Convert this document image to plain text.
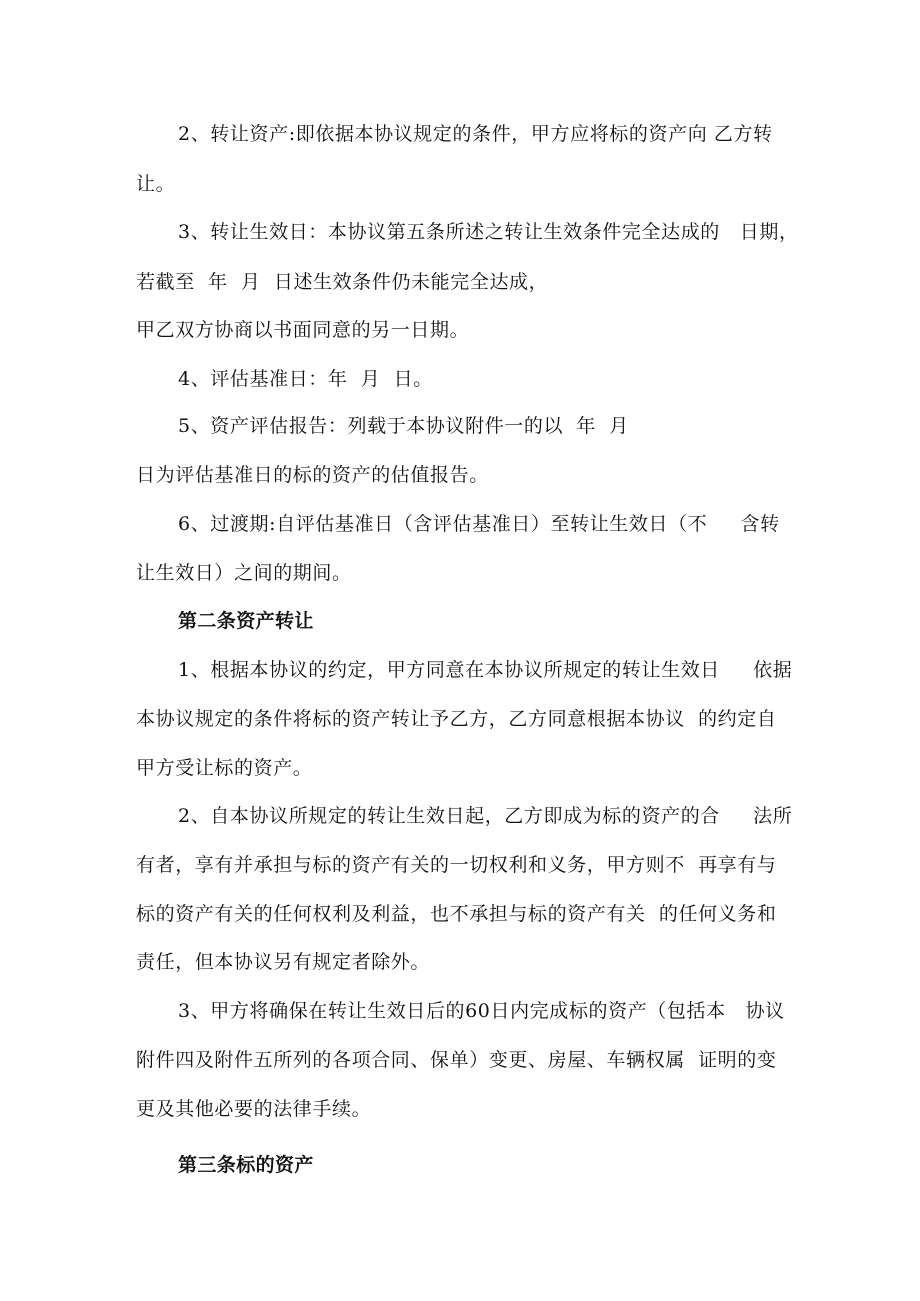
2、转让资产:即依据本协议规定的条件，甲方应将标的资产向 乙方转
让。
3、转让生效日：本协议第五条所述之转让生效条件完全达成的   日期，
若截至  年  月  日述生效条件仍未能完全达成，
甲乙双方协商以书面同意的另一日期。
4、评估基准日：年  月  日。
5、资产评估报告：列载于本协议附件一的以  年  月
日为评估基准日的标的资产的估值报告。
6、过渡期:自评估基准日（含评估基准日）至转让生效日（不     含转
让生效日）之间的期间。
第二条资产转让
1、根据本协议的约定，甲方同意在本协议所规定的转让生效日     依据
本协议规定的条件将标的资产转让予乙方，乙方同意根据本协议  的约定自
甲方受让标的资产。
2、自本协议所规定的转让生效日起，乙方即成为标的资产的合     法所
有者，享有并承担与标的资产有关的一切权利和义务，甲方则不  再享有与
标的资产有关的任何权利及利益，也不承担与标的资产有关  的任何义务和
责任，但本协议另有规定者除外。
3、甲方将确保在转让生效日后的60日内完成标的资产（包括本   协议
附件四及附件五所列的各项合同、保单）变更、房屋、车辆权属  证明的变
更及其他必要的法律手续。
第三条标的资产
